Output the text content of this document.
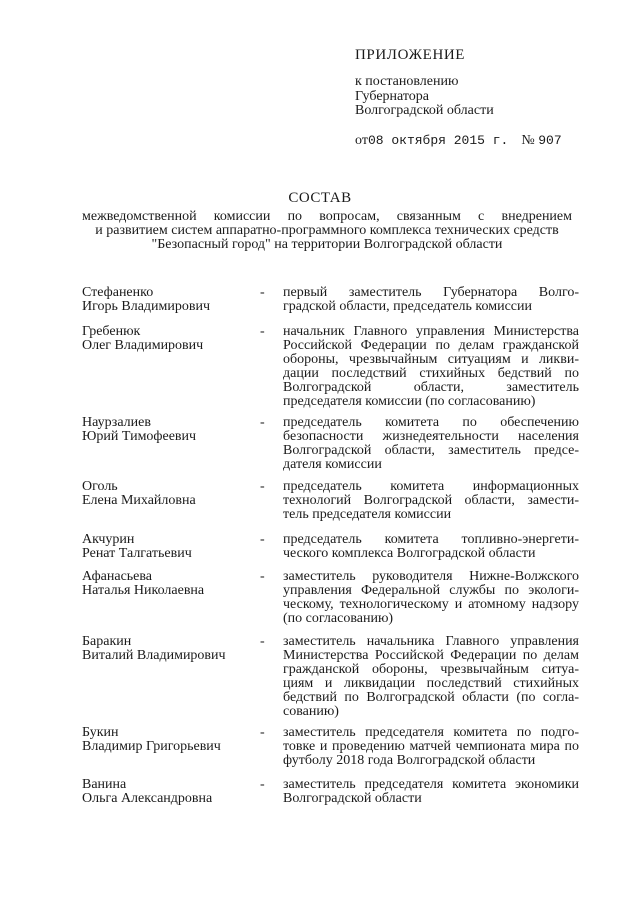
ПРИЛОЖЕНИЕ
к постановлению
Губернатора
Волгоградской области
от08 октября 2015 г. № 907
СОСТАВ
межведомственной комиссии по вопросам, связанным с внедрением
и развитием систем аппаратно-программного комплекса технических средств
"Безопасный город" на территории Волгоградской области
Стефаненко
Игорь Владимирович
- первый заместитель Губернатора Волго- градской области, председатель комиссии
Гребенюк
Олег Владимирович
- начальник Главного управления Министерства Российской Федерации по делам гражданской обороны, чрезвычайным ситуациям и ликви- дации последствий стихийных бедствий по Волгоградской области, заместитель председателя комиссии (по согласованию)
Наурзалиев
Юрий Тимофеевич
- председатель комитета по обеспечению безопасности жизнедеятельности населения Волгоградской области, заместитель предсе- дателя комиссии
Оголь
Елена Михайловна
- председатель комитета информационных технологий Волгоградской области, замести- тель председателя комиссии
Акчурин
Ренат Талгатьевич
- председатель комитета топливно-энергети- ческого комплекса Волгоградской области
Афанасьева
Наталья Николаевна
- заместитель руководителя Нижне-Волжского управления Федеральной службы по экологи- ческому, технологическому и атомному надзору (по согласованию)
Баракин
Виталий Владимирович
- заместитель начальника Главного управления Министерства Российской Федерации по делам гражданской обороны, чрезвычайным ситуа- циям и ликвидации последствий стихийных бедствий по Волгоградской области (по согла- сованию)
Букин
Владимир Григорьевич
- заместитель председателя комитета по подго- товке и проведению матчей чемпионата мира по футболу 2018 года Волгоградской области
Ванина
Ольга Александровна
- заместитель председателя комитета экономики Волгоградской области
